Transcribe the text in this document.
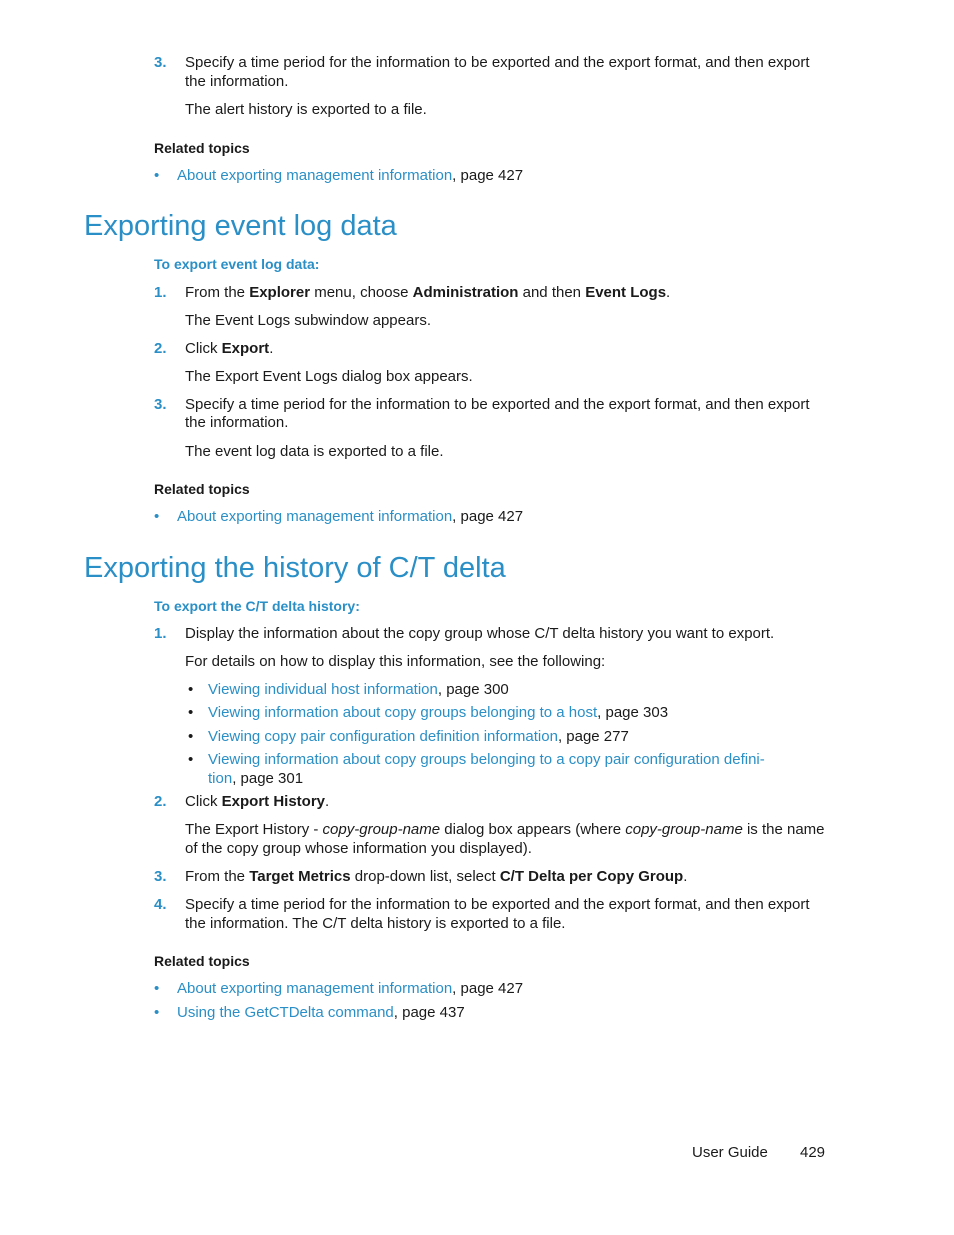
3. Specify a time period for the information to be exported and the export format, and then export
the information.
The alert history is exported to a file.
Related topics
• About exporting management information, page 427
Exporting event log data
To export event log data:
1. From the Explorer menu, choose Administration and then Event Logs.
The Event Logs subwindow appears.
2. Click Export.
The Export Event Logs dialog box appears.
3. Specify a time period for the information to be exported and the export format, and then export
the information.
The event log data is exported to a file.
Related topics
• About exporting management information, page 427
Exporting the history of C/T delta
To export the C/T delta history:
1. Display the information about the copy group whose C/T delta history you want to export.
For details on how to display this information, see the following:
• Viewing individual host information, page 300
• Viewing information about copy groups belonging to a host, page 303
• Viewing copy pair configuration definition information, page 277
• Viewing information about copy groups belonging to a copy pair configuration defini-
tion, page 301
2. Click Export History.
The Export History - copy-group-name dialog box appears (where copy-group-name is the name
of the copy group whose information you displayed).
3. From the Target Metrics drop-down list, select C/T Delta per Copy Group.
4. Specify a time period for the information to be exported and the export format, and then export
the information. The C/T delta history is exported to a file.
Related topics
• About exporting management information, page 427
• Using the GetCTDelta command, page 437
User Guide 429
